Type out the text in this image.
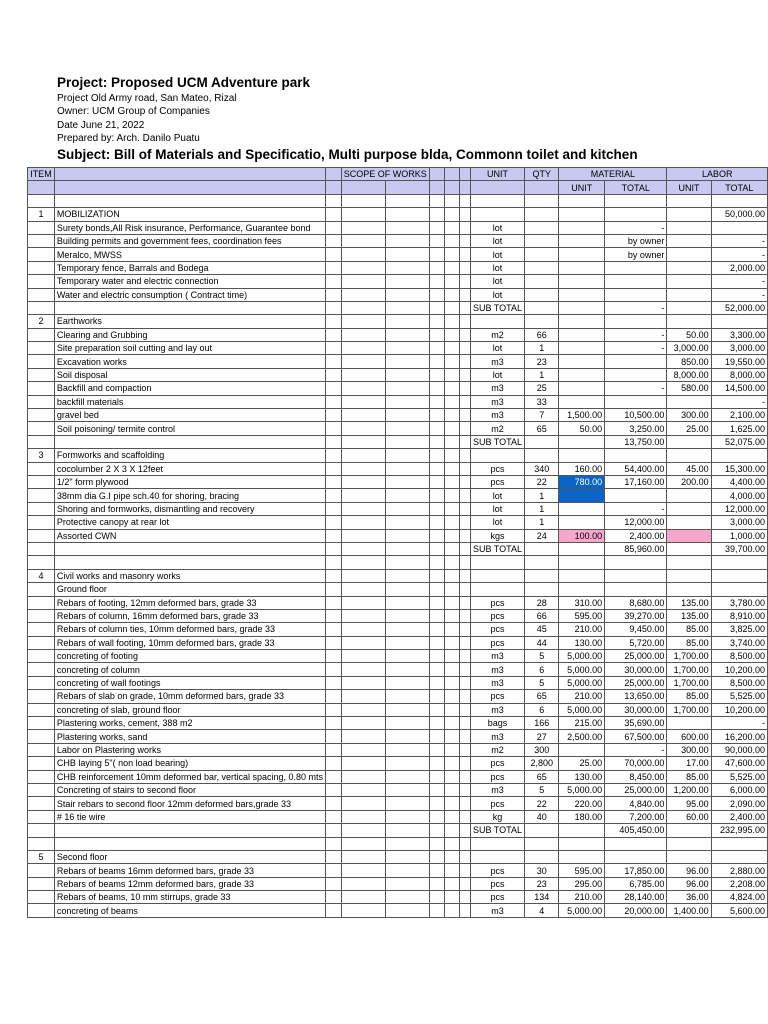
Project: Proposed UCM Adventure park
Project Old Army road, San Mateo, Rizal
Owner: UCM Group of Companies
Date June 21, 2022
Prepared by: Arch. Danilo Puatu
Subject: Bill of Materials and Specificatio, Multi purpose blda, Commonn toilet and kitchen
ITEM			SCOPE OF WORKS					UNIT	QTY	MATERIAL		LABOR	
										UNIT	TOTAL	UNIT	TOTAL

1	MOBILIZATION												50,000.00
	Surety bonds,All Risk insurance, Performance, Guarantee bond							lot			-		
	Building permits and government fees, coordination fees							lot			by owner		-
	Meralco, MWSS							lot			by owner		-
	Temporary fence, Barrals and Bodega							lot					2,000.00
	Temporary water and electric connection							lot					-
	Water and electric consumption ( Contract time)							lot					-
								SUB TOTAL			-		52,000.00
2	Earthworks												
	Clearing and Grubbing							m2	66		-	50.00	3,300.00
	Site preparation soil cutting and lay out							lot	1		-	3,000.00	3,000.00
	Excavation works							m3	23			850.00	19,550.00
	Soil disposal							lot	1			8,000.00	8,000.00
	Backfill and compaction							m3	25		-	580.00	14,500.00
	backfill materials							m3	33				-
	gravel bed							m3	7	1,500.00	10,500.00	300.00	2,100.00
	Soil poisoning/ termite control							m2	65	50.00	3,250.00	25.00	1,625.00
								SUB TOTAL			13,750.00		52,075.00
3	Formworks and scaffolding												
	cocolumber 2 X 3 X 12feet							pcs	340	160.00	54,400.00	45.00	15,300.00
	1/2" form plywood							pcs	22	780.00	17,160.00	200.00	4,400.00
	38mm dia G.I pipe sch.40 for shoring, bracing							lot	1				4,000.00
	Shoring and formworks, dismantling and recovery							lot	1		-		12,000.00
	Protective canopy at rear lot							lot	1		12,000.00		3,000.00
	Assorted CWN							kgs	24	100.00	2,400.00		1,000.00
								SUB TOTAL			85,960.00		39,700.00

4	Civil works and masonry works												
	Ground floor												
	Rebars of footing, 12mm deformed bars, grade 33							pcs	28	310.00	8,680.00	135.00	3,780.00
	Rebars of column, 16mm deformed bars, grade 33							pcs	66	595.00	39,270.00	135.00	8,910.00
	Rebars of column ties, 10mm deformed bars, grade 33							pcs	45	210.00	9,450.00	85.00	3,825.00
	Rebars of wall footing, 10mm deformed bars, grade 33							pcs	44	130.00	5,720.00	85.00	3,740.00
	concreting of footing							m3	5	5,000.00	25,000.00	1,700.00	8,500.00
	concreting of column							m3	6	5,000.00	30,000.00	1,700.00	10,200.00
	concreting of wall footings							m3	5	5,000.00	25,000.00	1,700.00	8,500.00
	Rebars of slab on grade, 10mm deformed bars, grade 33							pcs	65	210.00	13,650.00	85.00	5,525.00
	concreting of slab, ground floor							m3	6	5,000.00	30,000.00	1,700.00	10,200.00
	Plastering works, cement, 388 m2							bags	166	215.00	35,690.00		-
	Plastering works, sand							m3	27	2,500.00	67,500.00	600.00	16,200.00
	Labor on Plastering works							m2	300		-	300.00	90,000.00
	CHB laying 5"( non load bearing)							pcs	2,800	25.00	70,000.00	17.00	47,600.00
	CHB reinforcement 10mm deformed bar, vertical spacing, 0.80 mts							pcs	65	130.00	8,450.00	85.00	5,525.00
	Concreting of stairs to second floor							m3	5	5,000.00	25,000.00	1,200.00	6,000.00
	Stair rebars to second floor 12mm deformed bars,grade 33							pcs	22	220.00	4,840.00	95.00	2,090.00
	# 16 tie wire							kg	40	180.00	7,200.00	60.00	2,400.00
								SUB TOTAL			405,450.00		232,995.00

5	Second floor												
	Rebars of beams 16mm deformed bars, grade 33							pcs	30	595.00	17,850.00	96.00	2,880.00
	Rebars of beams 12mm deformed bars, grade 33							pcs	23	295.00	6,785.00	96.00	2,208.00
	Rebars of beams, 10 mm stirrups, grade 33							pcs	134	210.00	28,140.00	36.00	4,824.00
	concreting of beams							m3	4	5,000.00	20,000.00	1,400.00	5,600.00
